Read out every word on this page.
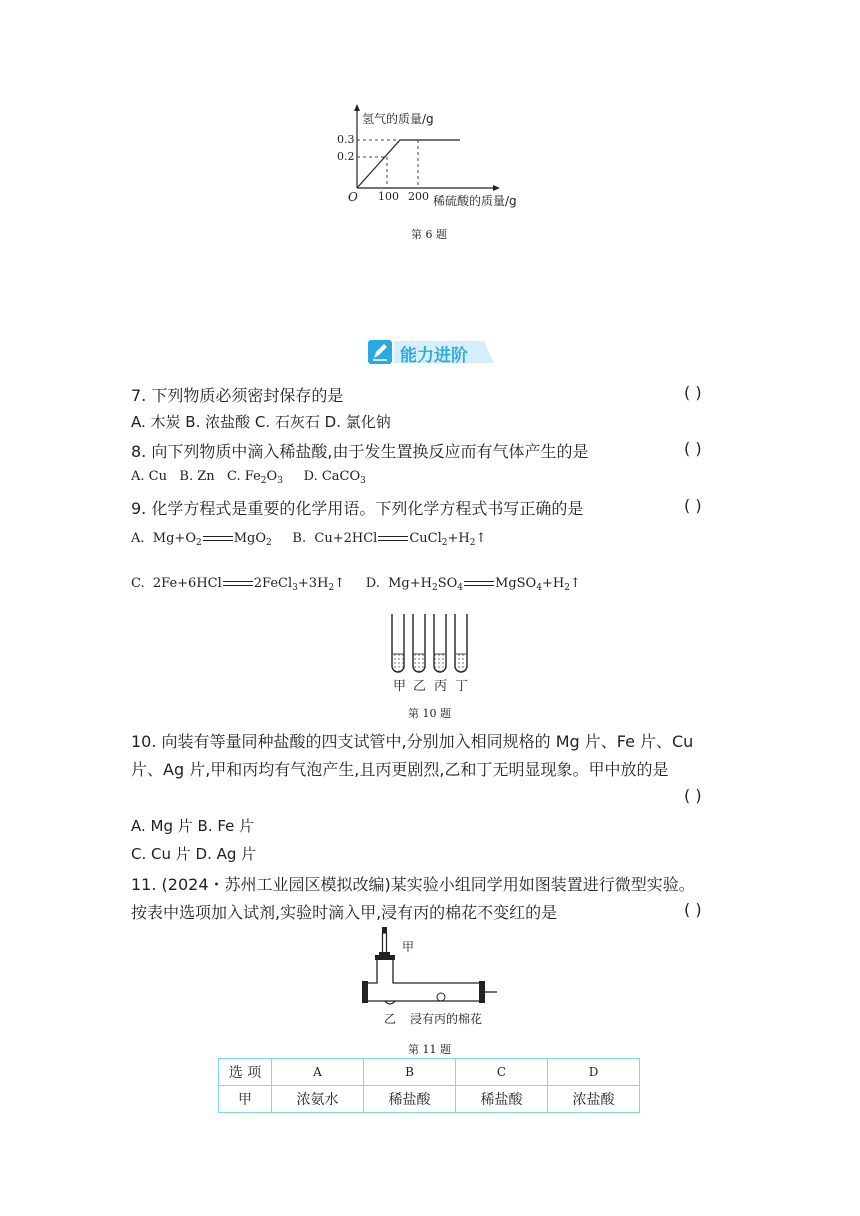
氢气的质量/g
0.3
0.2
O 100 200 稀硫酸的质量/g
第 6 题
能力进阶
7. 下列物质必须密封保存的是	( )
A. 木炭 B. 浓盐酸 C. 石灰石 D. 氯化钠
8. 向下列物质中滴入稀盐酸,由于发生置换反应而有气体产生的是	( )
A. Cu B. Zn C. $Fe_2O_3$ D. CaCO$_3$
9. 化学方程式是重要的化学用语。下列化学方程式书写正确的是	( )
A. $Mg+O_2$ MgO$_2$ B. Cu+2HCl $CuCl_2+H_2↑$
C. 2Fe+6HCl $2FeCl_3+3H_2↑$ D. $Mg+H_2SO_4$ $MgSO_4+H_2↑$
甲 乙 丙 丁
第 10 题
10. 向装有等量同种盐酸的四支试管中,分别加入相同规格的 Mg 片、Fe 片、Cu
片、Ag 片,甲和丙均有气泡产生,且丙更剧烈,乙和丁无明显现象。甲中放的是
( )
A. Mg 片 B. Fe 片
C. Cu 片 D. Ag 片
11. (2024・苏州工业园区模拟改编)某实验小组同学用如图装置进行微型实验。
按表中选项加入试剂,实验时滴入甲,浸有丙的棉花不变红的是	( )
甲
乙 浸有丙的棉花
第 11 题
选 项	A	B	C	D
甲	浓氨水	稀盐酸	稀盐酸	浓盐酸
